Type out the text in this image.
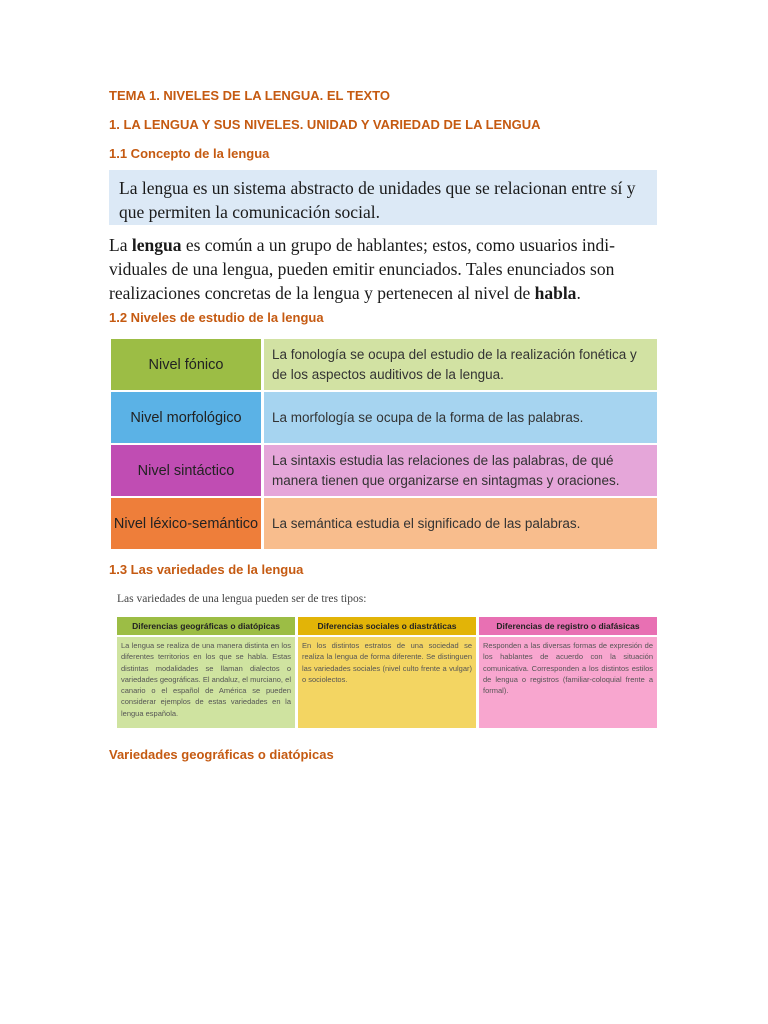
TEMA 1. NIVELES DE LA LENGUA. EL TEXTO
1. LA LENGUA Y SUS NIVELES. UNIDAD Y VARIEDAD DE LA LENGUA
1.1 Concepto de la lengua
La lengua es un sistema abstracto de unidades que se relacionan entre sí y que permiten la comunicación social.

La lengua es común a un grupo de hablantes; estos, como usuarios individuales de una lengua, pueden emitir enunciados. Tales enunciados son realizaciones concretas de la lengua y pertenecen al nivel de habla.

1.2 Niveles de estudio de la lengua
Nivel fónico
La fonología se ocupa del estudio de la realización fonética y de los aspectos auditivos de la lengua.
Nivel morfológico	La morfología se ocupa de la forma de las palabras.
Nivel sintáctico
La sintaxis estudia las relaciones de las palabras, de qué manera tienen que organizarse en sintagmas y oraciones.
Nivel léxico-semántico	La semántica estudia el significado de las palabras.
1.3 Las variedades de la lengua

Las variedades de una lengua pueden ser de tres tipos:

Diferencias geográficas o diatópicas
La lengua se realiza de una manera distinta en los diferentes territorios en los que se habla. Estas distintas modalidades se llaman dialectos o variedades geográficas. El andaluz, el murciano, el canario o el español de América se pueden considerar ejemplos de estas variedades en la lengua española.
Diferencias sociales o diastráticas
En los distintos estratos de una sociedad se realiza la lengua de forma diferente. Se distinguen las variedades sociales (nivel culto frente a vulgar) o sociolectos.
Diferencias de registro o diafásicas
Responden a las diversas formas de expresión de los hablantes de acuerdo con la situación comunicativa. Corresponden a los distintos estilos de lengua o registros (familiar-coloquial frente a formal).
Variedades geográficas o diatópicas
